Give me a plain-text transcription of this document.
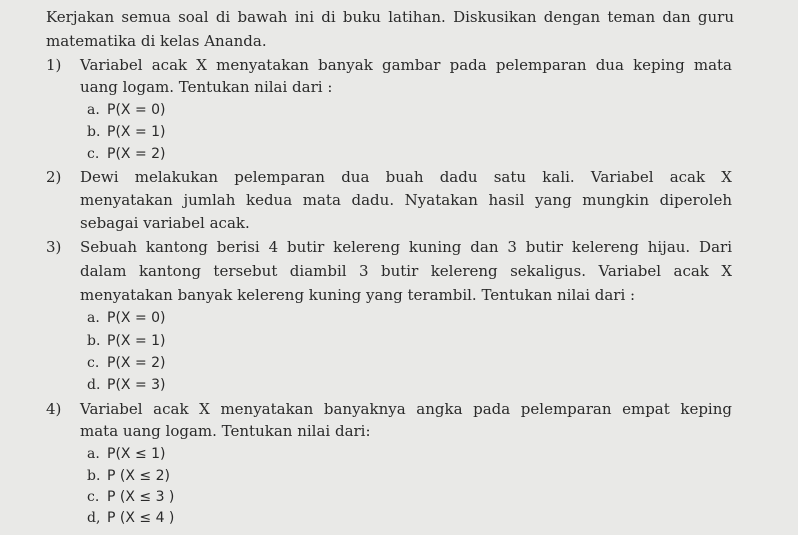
Kerjakan semua soal di bawah ini di buku latihan. Diskusikan dengan teman dan guru
matematika di kelas Ananda.
1)	Variabel acak X menyatakan banyak gambar pada pelemparan dua keping mata
uang logam. Tentukan nilai dari :
a. P(X = 0)
b. P(X = 1)
c. P(X = 2)
2)	Dewi melakukan pelemparan dua buah dadu satu kali. Variabel acak X
menyatakan jumlah kedua mata dadu. Nyatakan hasil yang mungkin diperoleh
sebagai variabel acak.
3)	Sebuah kantong berisi 4 butir kelereng kuning dan 3 butir kelereng hijau. Dari
dalam kantong tersebut diambil 3 butir kelereng sekaligus. Variabel acak X
menyatakan banyak kelereng kuning yang terambil. Tentukan nilai dari :
a. P(X = 0)
b. P(X = 1)
c. P(X = 2)
d. P(X = 3)
4)	Variabel acak X menyatakan banyaknya angka pada pelemparan empat keping
mata uang logam. Tentukan nilai dari:
a. P(X ≤ 1)
b. P (X ≤ 2)
c. P (X ≤ 3 )
d, P (X ≤ 4 )
